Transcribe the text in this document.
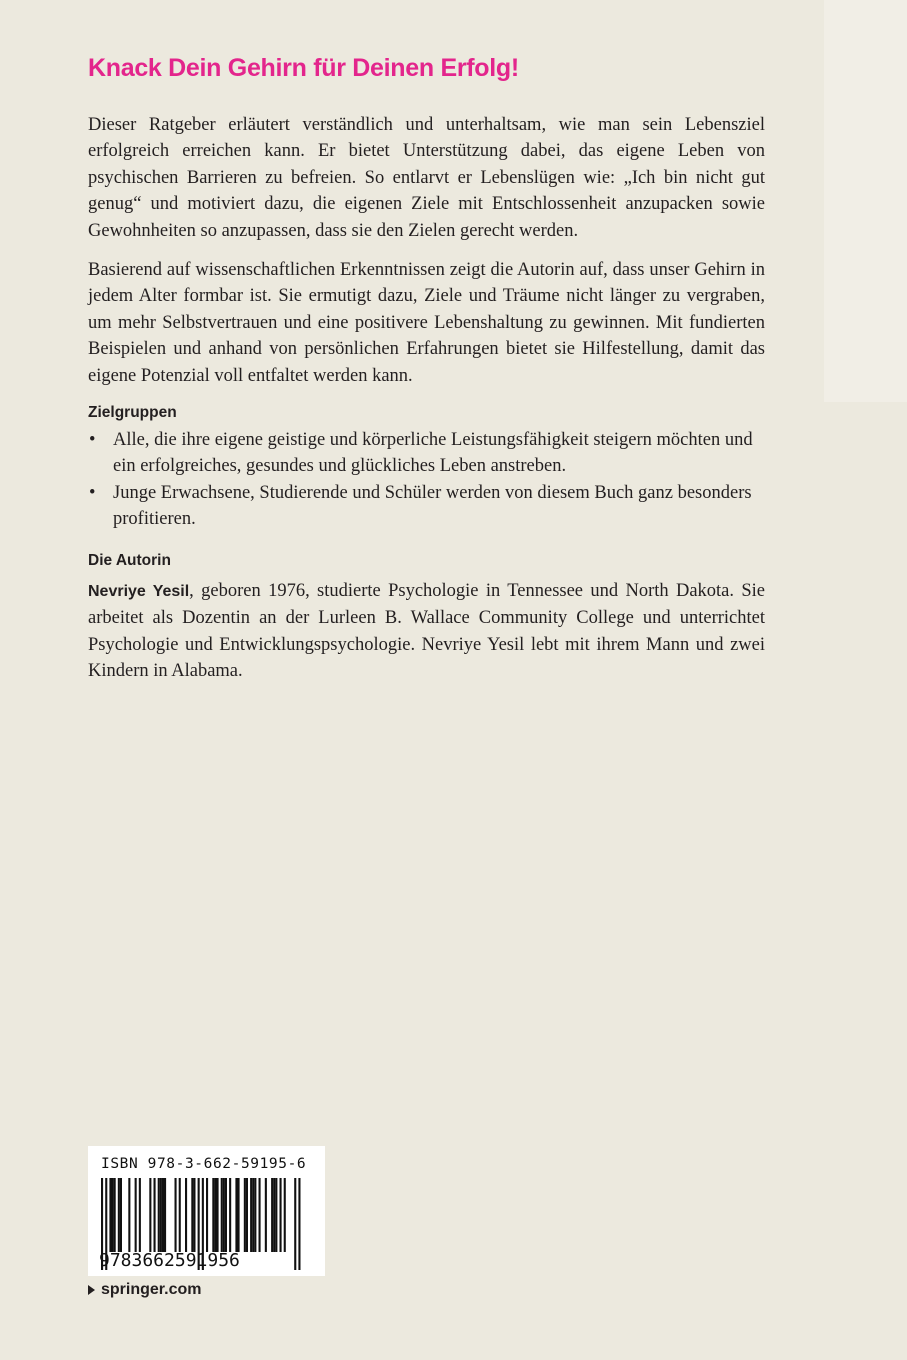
Knack Dein Gehirn für Deinen Erfolg!

Dieser Ratgeber erläutert verständlich und unterhaltsam, wie man sein Lebensziel erfolgreich erreichen kann. Er bietet Unterstützung dabei, das eigene Leben von psychischen Barrieren zu befreien. So entlarvt er Lebenslügen wie: „Ich bin nicht gut genug“ und motiviert dazu, die eigenen Ziele mit Entschlossenheit anzupacken sowie Gewohnheiten so anzupassen, dass sie den Zielen gerecht werden.

Basierend auf wissenschaftlichen Erkenntnissen zeigt die Autorin auf, dass unser Gehirn in jedem Alter formbar ist. Sie ermutigt dazu, Ziele und Träume nicht länger zu vergraben, um mehr Selbstvertrauen und eine positivere Lebenshaltung zu gewinnen. Mit fundierten Beispielen und anhand von persönlichen Erfahrungen bietet sie Hilfestellung, damit das eigene Potenzial voll entfaltet werden kann.

Zielgruppen
• Alle, die ihre eigene geistige und körperliche Leistungsfähigkeit steigern möchten und ein erfolgreiches, gesundes und glückliches Leben anstreben.
• Junge Erwachsene, Studierende und Schüler werden von diesem Buch ganz besonders profitieren.
Die Autorin

Nevriye Yesil, geboren 1976, studierte Psychologie in Tennessee und North Dakota. Sie arbeitet als Dozentin an der Lurleen B. Wallace Community College und unterrichtet Psychologie und Entwicklungspsychologie. Nevriye Yesil lebt mit ihrem Mann und zwei Kindern in Alabama.

ISBN 978-3-662-59195-6
9783662591956
springer.com
